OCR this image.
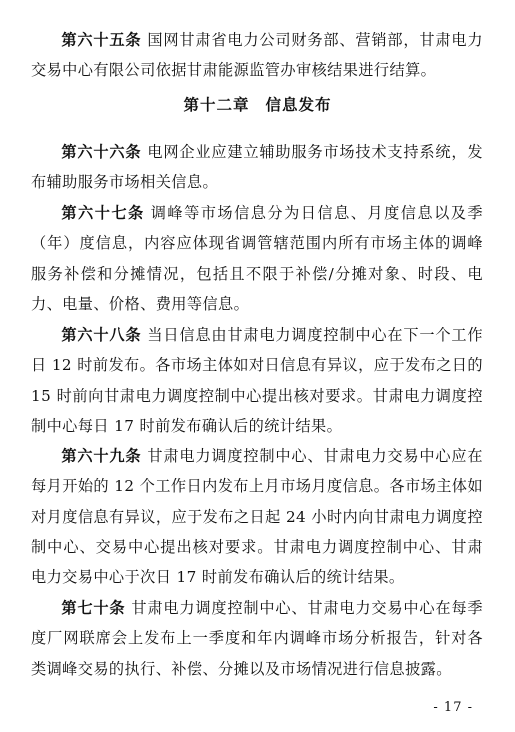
第六十五条 国网甘肃省电力公司财务部、营销部，甘肃电力交易中心有限公司依据甘肃能源监管办审核结果进行结算。

第十二章 信息发布

第六十六条 电网企业应建立辅助服务市场技术支持系统，发布辅助服务市场相关信息。

第六十七条 调峰等市场信息分为日信息、月度信息以及季（年）度信息，内容应体现省调管辖范围内所有市场主体的调峰服务补偿和分摊情况，包括且不限于补偿/分摊对象、时段、电力、电量、价格、费用等信息。

第六十八条 当日信息由甘肃电力调度控制中心在下一个工作日 12 时前发布。各市场主体如对日信息有异议，应于发布之日的 15 时前向甘肃电力调度控制中心提出核对要求。甘肃电力调度控制中心每日 17 时前发布确认后的统计结果。

第六十九条 甘肃电力调度控制中心、甘肃电力交易中心应在每月开始的 12 个工作日内发布上月市场月度信息。各市场主体如对月度信息有异议，应于发布之日起 24 小时内向甘肃电力调度控制中心、交易中心提出核对要求。甘肃电力调度控制中心、甘肃电力交易中心于次日 17 时前发布确认后的统计结果。

第七十条 甘肃电力调度控制中心、甘肃电力交易中心在每季度厂网联席会上发布上一季度和年内调峰市场分析报告，针对各类调峰交易的执行、补偿、分摊以及市场情况进行信息披露。

- 17 -
